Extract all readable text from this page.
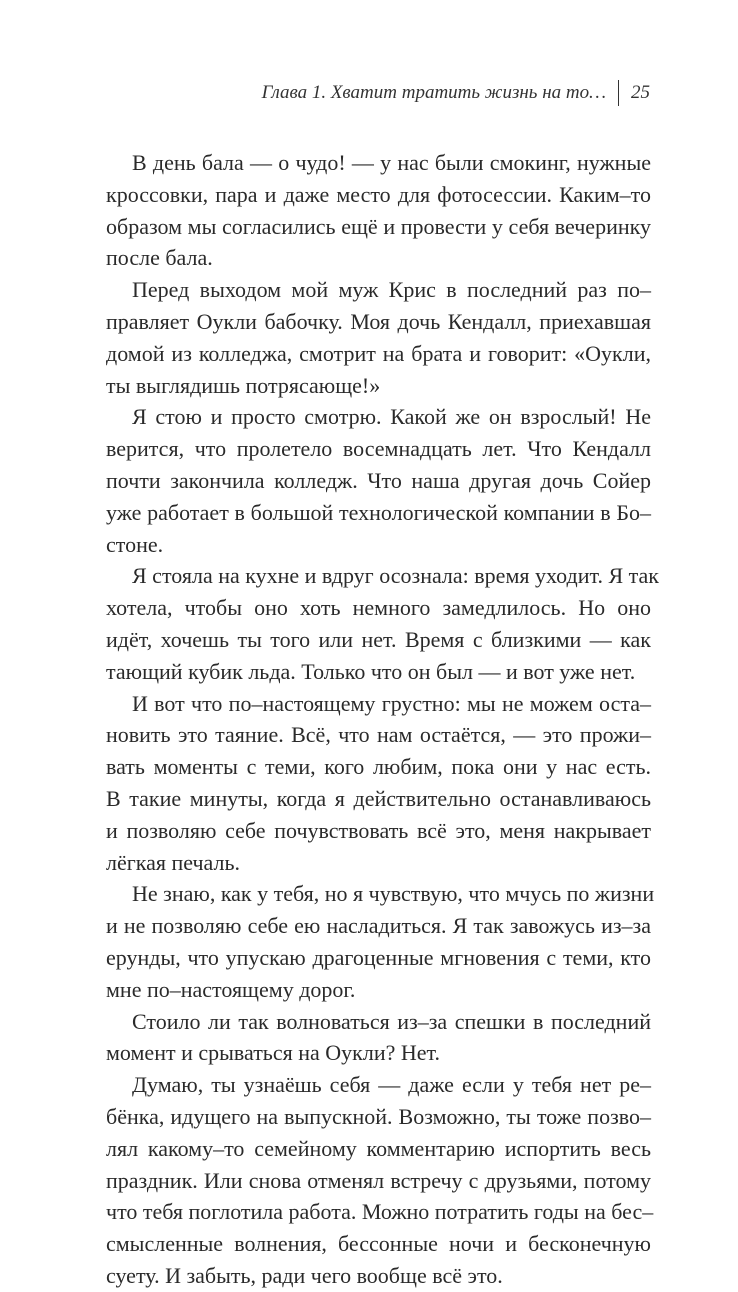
Глава 1. Хватит тратить жизнь на то… 25
В день бала — о чудо! — у нас были смокинг, нужные
кроссовки, пара и даже место для фотосессии. Каким–то
образом мы согласились ещё и провести у себя вечеринку
после бала.
Перед выходом мой муж Крис в последний раз по–
правляет Оукли бабочку. Моя дочь Кендалл, приехавшая
домой из колледжа, смотрит на брата и говорит: «Оукли,
ты выглядишь потрясающе!»
Я стою и просто смотрю. Какой же он взрослый! Не
верится, что пролетело восемнадцать лет. Что Кендалл
почти закончила колледж. Что наша другая дочь Сойер
уже работает в большой технологической компании в Бо–
стоне.
Я стояла на кухне и вдруг осознала: время уходит. Я так
хотела, чтобы оно хоть немного замедлилось. Но оно
идёт, хочешь ты того или нет. Время с близкими — как
тающий кубик льда. Только что он был — и вот уже нет.
И вот что по–настоящему грустно: мы не можем оста–
новить это таяние. Всё, что нам остаётся, — это прожи–
вать моменты с теми, кого любим, пока они у нас есть.
В такие минуты, когда я действительно останавливаюсь
и позволяю себе почувствовать всё это, меня накрывает
лёгкая печаль.
Не знаю, как у тебя, но я чувствую, что мчусь по жизни
и не позволяю себе ею насладиться. Я так завожусь из–за
ерунды, что упускаю драгоценные мгновения с теми, кто
мне по–настоящему дорог.
Стоило ли так волноваться из–за спешки в последний
момент и срываться на Оукли? Нет.
Думаю, ты узнаёшь себя — даже если у тебя нет ре–
бёнка, идущего на выпускной. Возможно, ты тоже позво–
лял какому–то семейному комментарию испортить весь
праздник. Или снова отменял встречу с друзьями, потому
что тебя поглотила работа. Можно потратить годы на бес–
смысленные волнения, бессонные ночи и бесконечную
суету. И забыть, ради чего вообще всё это.
